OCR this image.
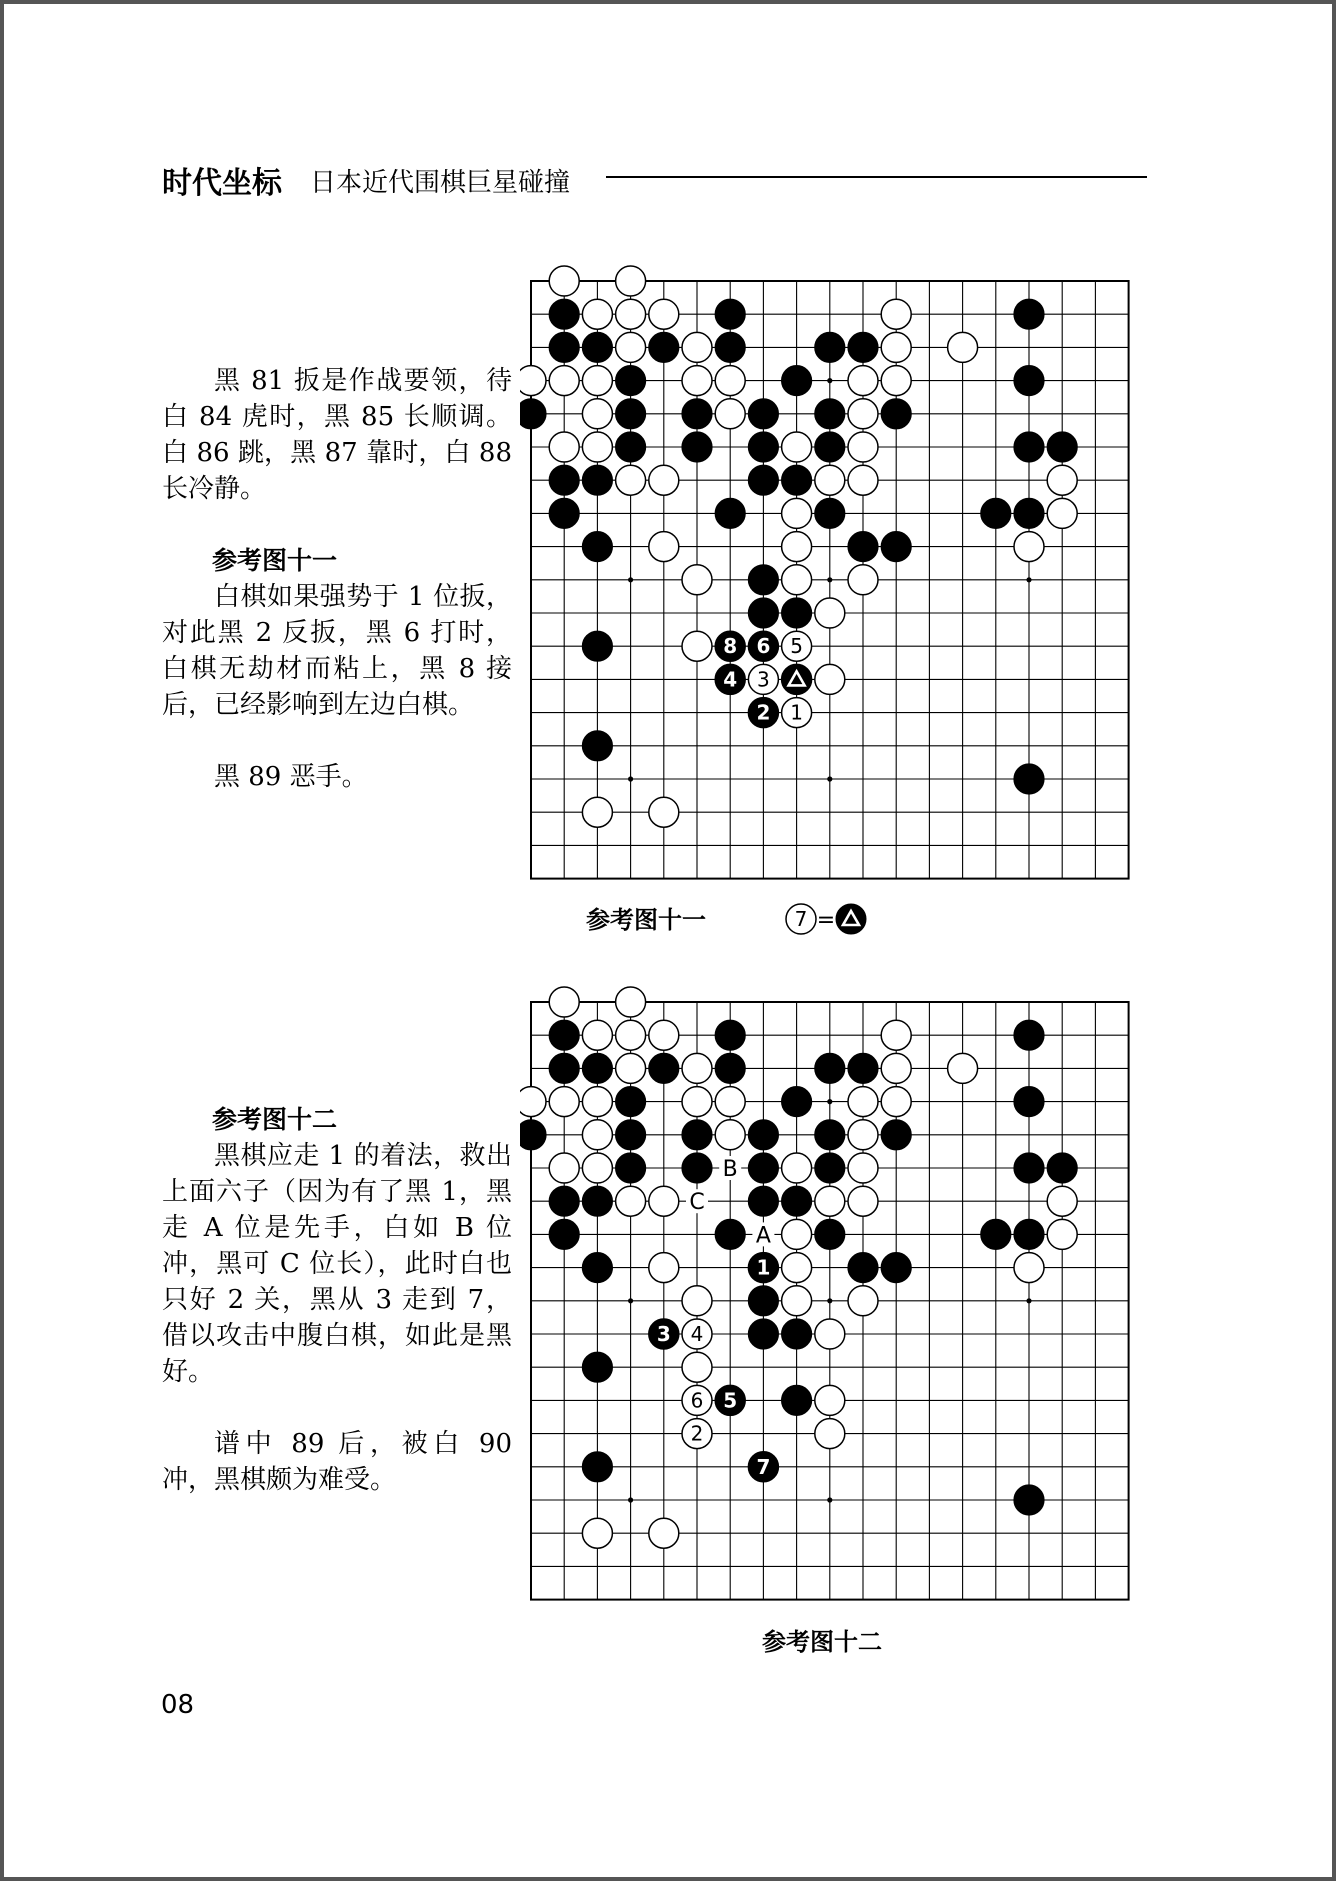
时代坐标 日本近代围棋巨星碰撞

黑 81 扳是作战要领，待白 84 虎时，黑 85 长顺调。白 86 跳，黑 87 靠时，白 88 长冷静。

参考图十一

白棋如果强势于 1 位扳，对此黑 2 反扳，黑 6 打时，白棋无劫材而粘上，黑 8 接后，已经影响到左边白棋。

黑 89 恶手。

参考图十二

黑棋应走 1 的着法，救出上面六子（因为有了黑 1，黑走 A 位是先手，白如 B 位冲，黑可 C 位长），此时白也只好 2 关，黑从 3 走到 7，借以攻击中腹白棋，如此是黑好。

谱中 89 后，被白 90 冲，黑棋颇为难受。

1
2
3
4
5
6
8
参考图十一	7 =
1
2
3 4
5
6
7
B
C
A
参考图十二
08
